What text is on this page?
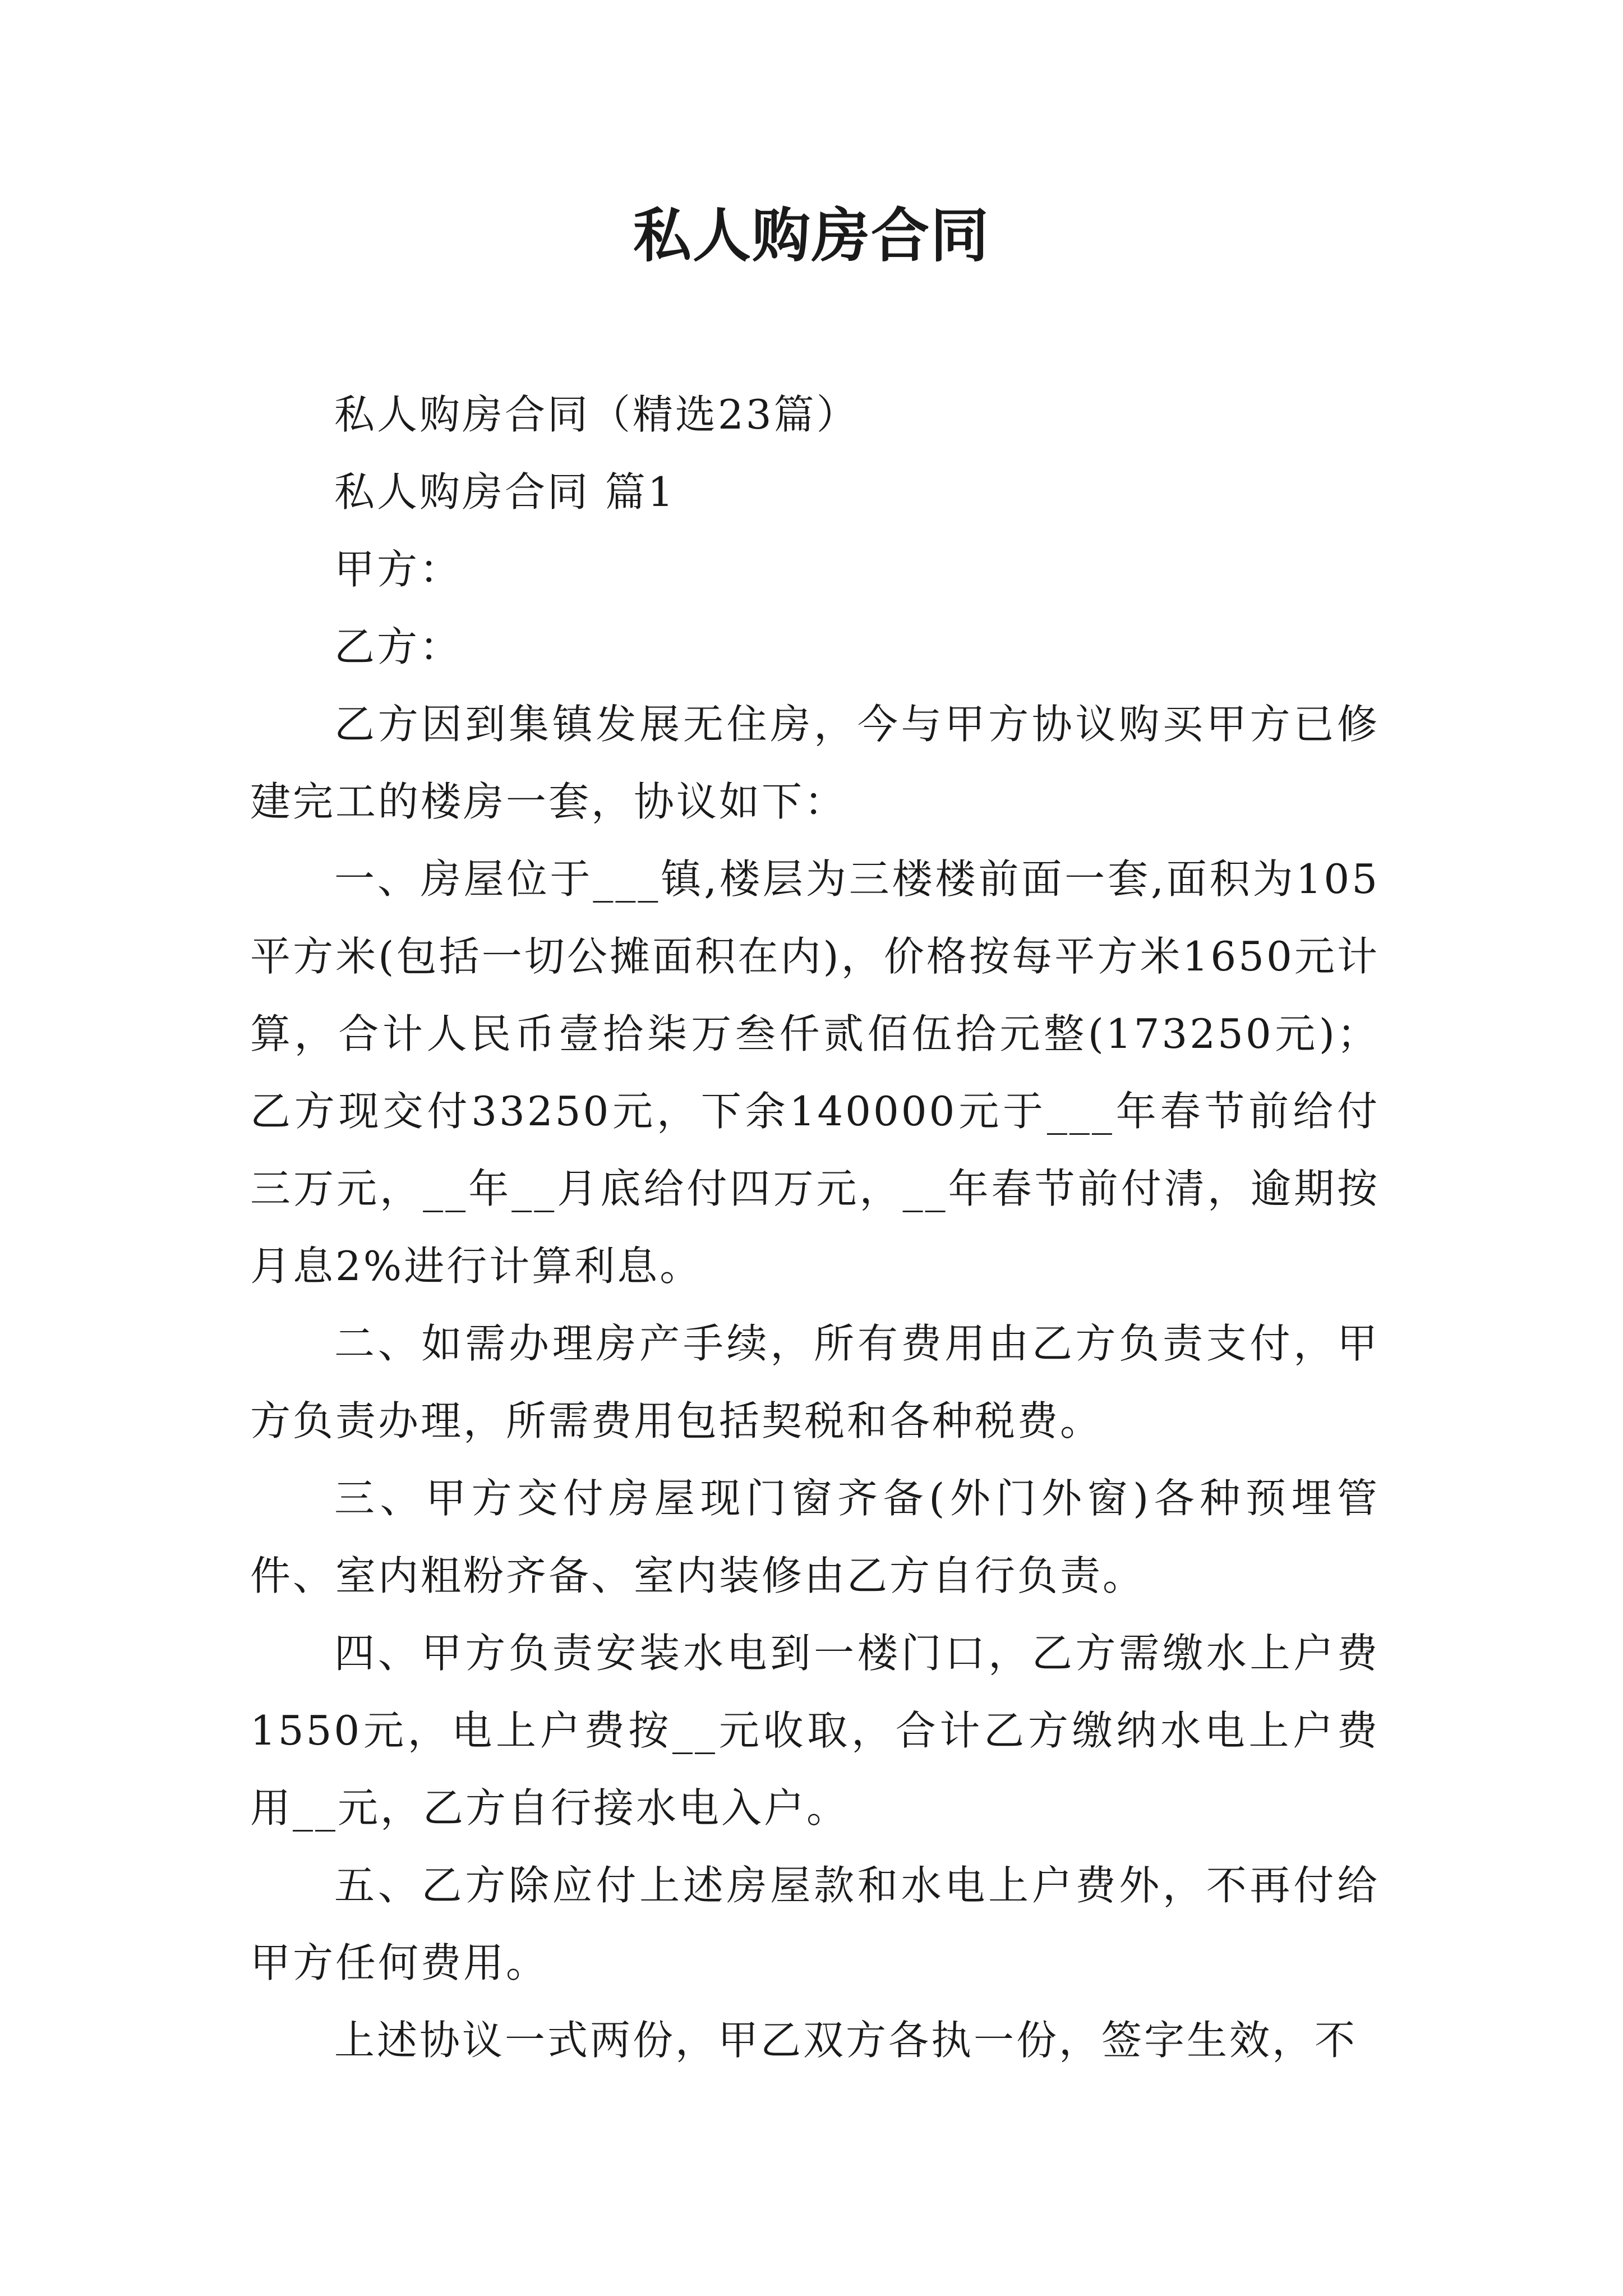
私人购房合同

私人购房合同（精选23篇）

私人购房合同 篇1

甲方：

乙方：

乙方因到集镇发展无住房，今与甲方协议购买甲方已修建完工的楼房一套，协议如下：

一、房屋位于___镇,楼层为三楼楼前面一套,面积为105平方米(包括一切公摊面积在内)，价格按每平方米1650元计算，合计人民币壹拾柒万叁仟贰佰伍拾元整(173250元)；乙方现交付33250元，下余140000元于___年春节前给付三万元，__年__月底给付四万元，__年春节前付清，逾期按月息2%进行计算利息。

二、如需办理房产手续，所有费用由乙方负责支付，甲方负责办理，所需费用包括契税和各种税费。

三、甲方交付房屋现门窗齐备(外门外窗)各种预埋管件、室内粗粉齐备、室内装修由乙方自行负责。

四、甲方负责安装水电到一楼门口，乙方需缴水上户费1550元，电上户费按__元收取，合计乙方缴纳水电上户费用__元，乙方自行接水电入户。

五、乙方除应付上述房屋款和水电上户费外，不再付给甲方任何费用。

上述协议一式两份，甲乙双方各执一份，签字生效，不
